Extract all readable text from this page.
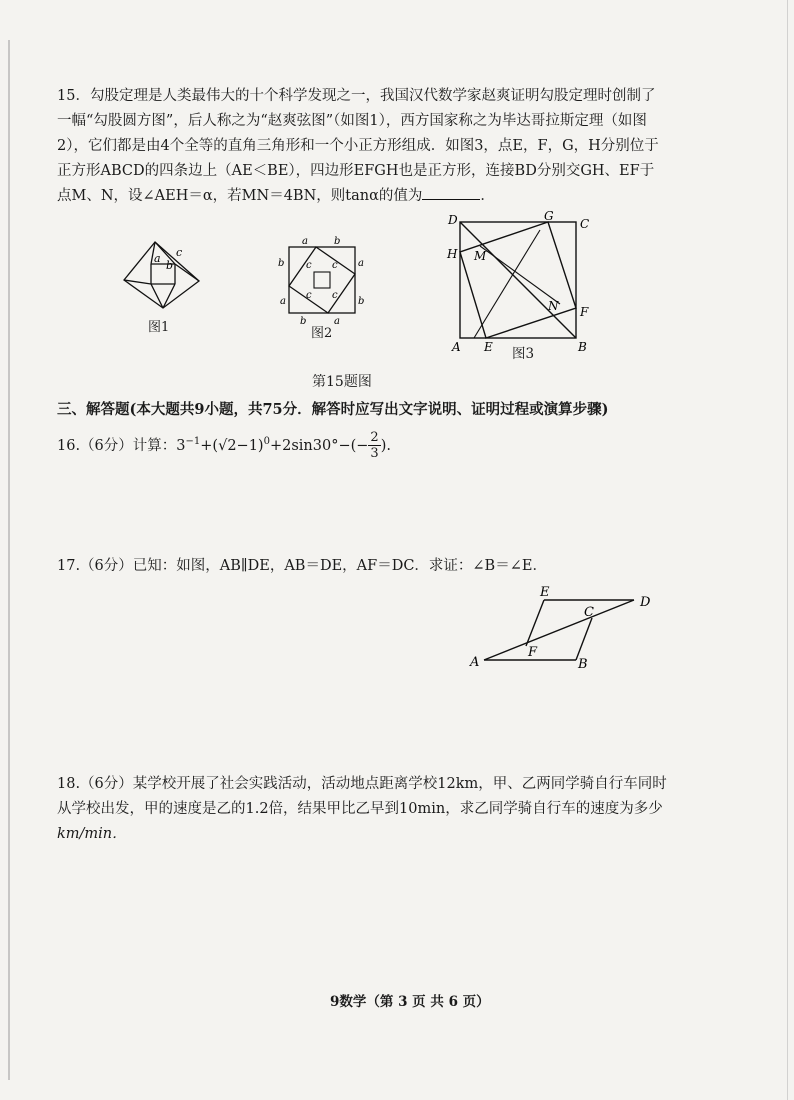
15．勾股定理是人类最伟大的十个科学发现之一，我国汉代数学家赵爽证明勾股定理时创制了

一幅“勾股圆方图”，后人称之为“赵爽弦图”（如图1），西方国家称之为毕达哥拉斯定理（如图

2），它们都是由4个全等的直角三角形和一个小正方形组成．如图3，点E，F，G，H分别位于

正方形ABCD的四条边上（AE＜BE），四边形EFGH也是正方形，连接BD分别交GH、EF于

点M、N，设∠AEH＝α，若MN＝4BN，则tanα的值为	．

c
a
b
图1
a	b
b
a
a
b
b	a
c c
c c
图2
D	G
C
H M
N F
A E	B
图3
第15题图
三、解答题(本大题共9小题，共75分．解答时应写出文字说明、证明过程或演算步骤)
16.（6分）计算：$3^{-1}+(√2-1)^0+2\sin 30^\circ-(- \frac{2}{3}$ ).

17.（6分）已知：如图，AB∥DE，AB＝DE，AF＝DC．求证：∠B＝∠E．

E
C
D
A
F
B

18.（6分）某学校开展了社会实践活动，活动地点距离学校12km，甲、乙两同学骑自行车同时

从学校出发，甲的速度是乙的1.2倍，结果甲比乙早到10min，求乙同学骑自行车的速度为多少

km/min．

9数学（第 3 页 共 6 页）
